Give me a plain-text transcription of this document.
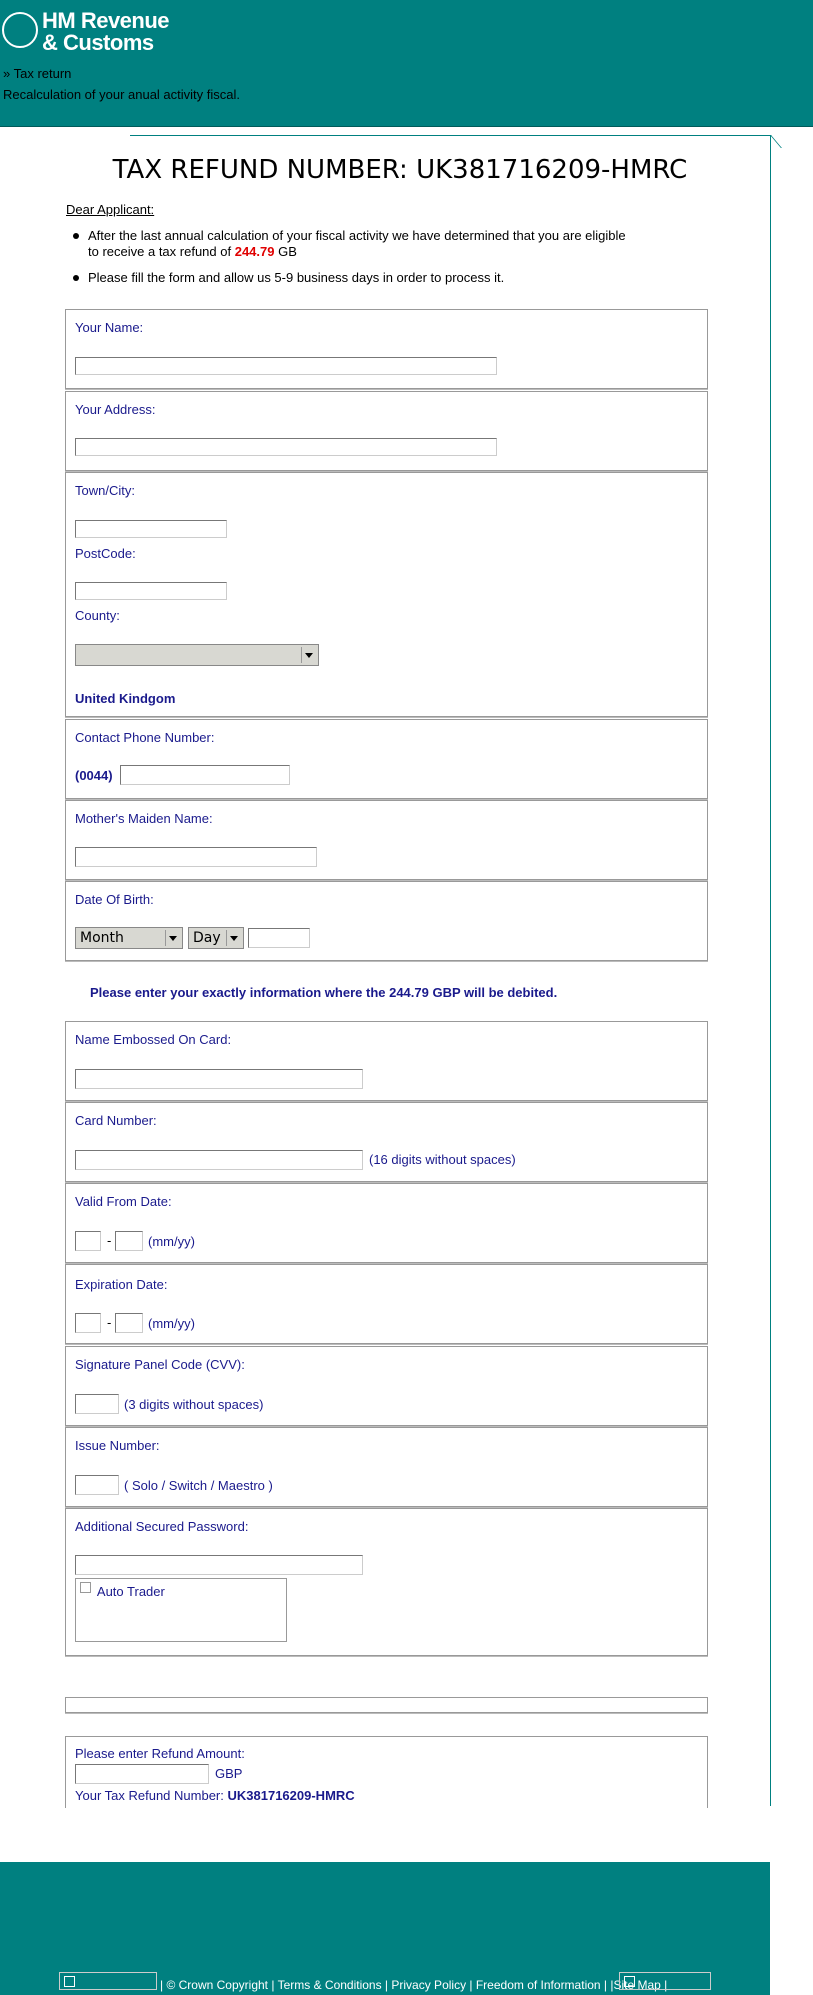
HM Revenue
& Customs
» Tax return
Recalculation of your anual activity fiscal.
TAX REFUND NUMBER: UK381716209-HMRC
Dear Applicant:
After the last annual calculation of your fiscal activity we have determined that you are eligible to receive a tax refund of 244.79 GB
Please fill the form and allow us 5-9 business days in order to process it.
Your Name:
Your Address:
Town/City:
PostCode:
County:
United Kindgom
Contact Phone Number:
(0044)
Mother's Maiden Name:
Date Of Birth:
Month	Day
Please enter your exactly information where the 244.79 GBP will be debited.
Name Embossed On Card:
Card Number:
(16 digits without spaces)
Valid From Date:
-	(mm/yy)
Expiration Date:
-	(mm/yy)
Signature Panel Code (CVV):
(3 digits without spaces)
Issue Number:
( Solo / Switch / Maestro )
Additional Secured Password:
Auto Trader
Please enter Refund Amount:
GBP
Your Tax Refund Number: UK381716209-HMRC
| © Crown Copyright | Terms & Conditions | Privacy Policy | Freedom of Information | |Site Map |
